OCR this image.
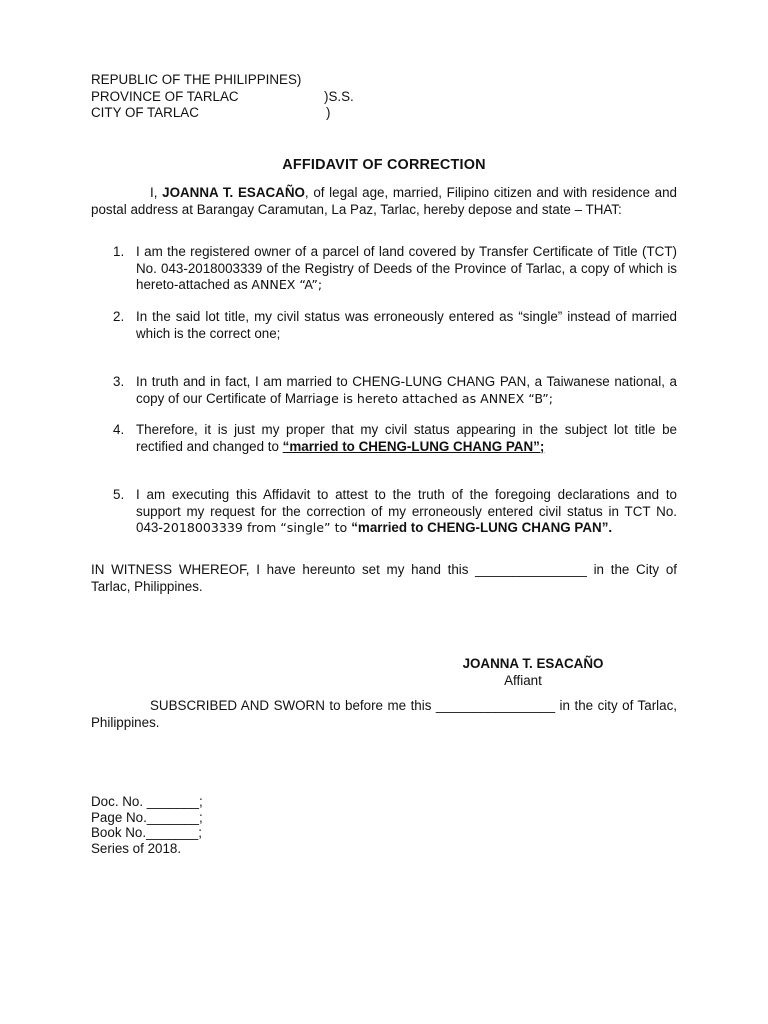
REPUBLIC OF THE PHILIPPINES)
PROVINCE OF TARLAC	)S.S.
CITY OF TARLAC	)
AFFIDAVIT OF CORRECTION
I, JOANNA T. ESACAÑO, of legal age, married, Filipino citizen and with residence and postal address at Barangay Caramutan, La Paz, Tarlac, hereby depose and state – THAT:
1. I am the registered owner of a parcel of land covered by Transfer Certificate of Title (TCT) No. 043-2018003339 of the Registry of Deeds of the Province of Tarlac, a copy of which is hereto-attached as ANNEX “A”;
2. In the said lot title, my civil status was erroneously entered as “single” instead of married which is the correct one;
3. In truth and in fact, I am married to CHENG-LUNG CHANG PAN, a Taiwanese national, a copy of our Certificate of Marriage is hereto attached as ANNEX “B”;
4. Therefore, it is just my proper that my civil status appearing in the subject lot title be rectified and changed to “married to CHENG-LUNG CHANG PAN”;
5. I am executing this Affidavit to attest to the truth of the foregoing declarations and to support my request for the correction of my erroneously entered civil status in TCT No. 043-2018003339 from “single” to “married to CHENG-LUNG CHANG PAN”.
IN WITNESS WHEREOF, I have hereunto set my hand this _______________ in the City of Tarlac, Philippines.
JOANNA T. ESACAÑO
Affiant
SUBSCRIBED AND SWORN to before me this ________________ in the city of Tarlac, Philippines.
Doc. No. _______;
Page No._______;
Book No._______;
Series of 2018.
